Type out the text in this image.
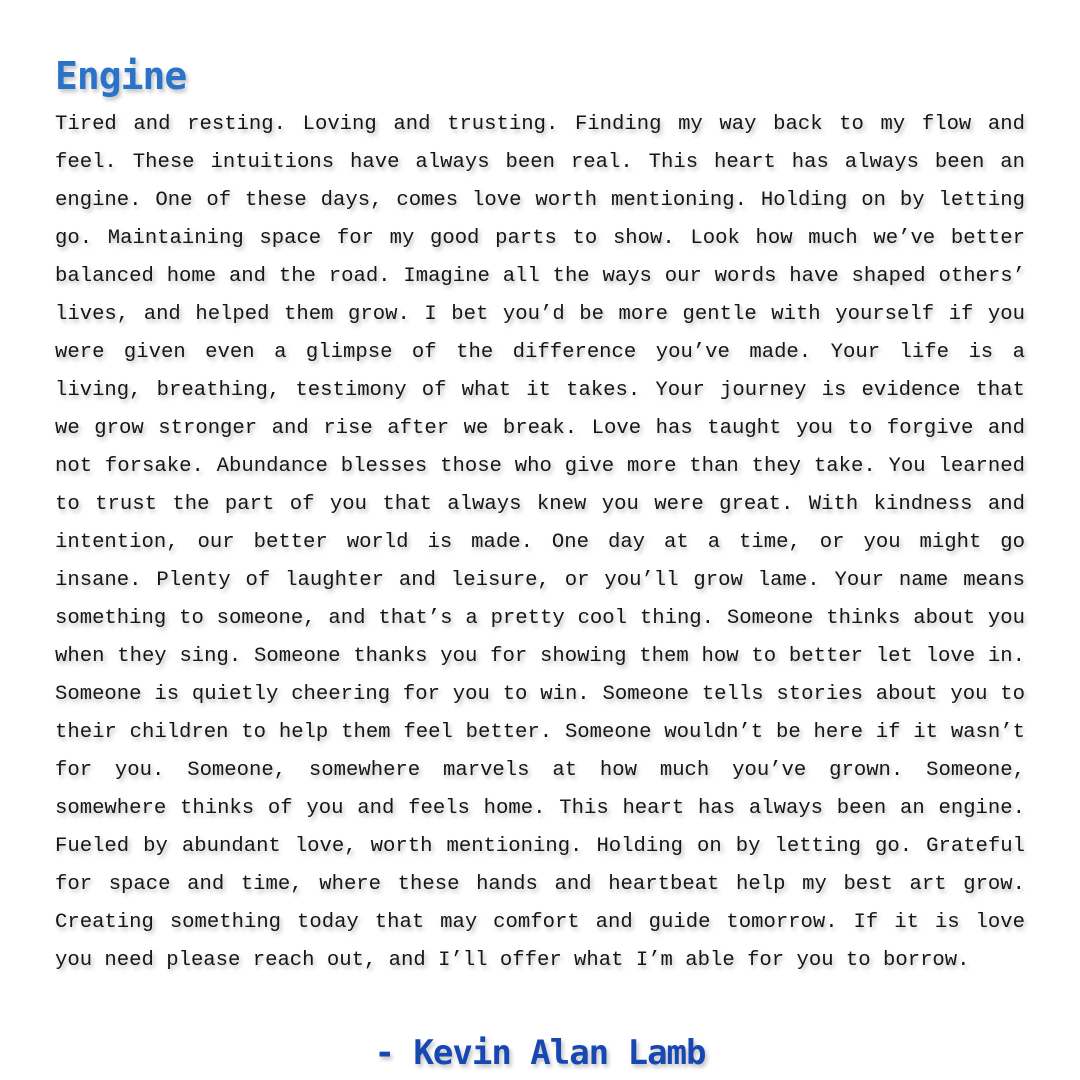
Engine

Tired and resting. Loving and trusting. Finding my way back to my flow and feel. These intuitions have always been real. This heart has always been an engine. One of these days, comes love worth mentioning. Holding on by letting go. Maintaining space for my good parts to show. Look how much we’ve better balanced home and the road. Imagine all the ways our words have shaped others’ lives, and helped them grow. I bet you’d be more gentle with yourself if you were given even a glimpse of the difference you’ve made. Your life is a living, breathing, testimony of what it takes. Your journey is evidence that we grow stronger and rise after we break. Love has taught you to forgive and not forsake. Abundance blesses those who give more than they take. You learned to trust the part of you that always knew you were great. With kindness and intention, our better world is made. One day at a time, or you might go insane. Plenty of laughter and leisure, or you’ll grow lame. Your name means something to someone, and that’s a pretty cool thing. Someone thinks about you when they sing. Someone thanks you for showing them how to better let love in. Someone is quietly cheering for you to win. Someone tells stories about you to their children to help them feel better. Someone wouldn’t be here if it wasn’t for you. Someone, somewhere marvels at how much you’ve grown. Someone, somewhere thinks of you and feels home. This heart has always been an engine. Fueled by abundant love, worth mentioning. Holding on by letting go. Grateful for space and time, where these hands and heartbeat help my best art grow. Creating something today that may comfort and guide tomorrow. If it is love you need please reach out, and I’ll offer what I’m able for you to borrow.

- Kevin Alan Lamb
